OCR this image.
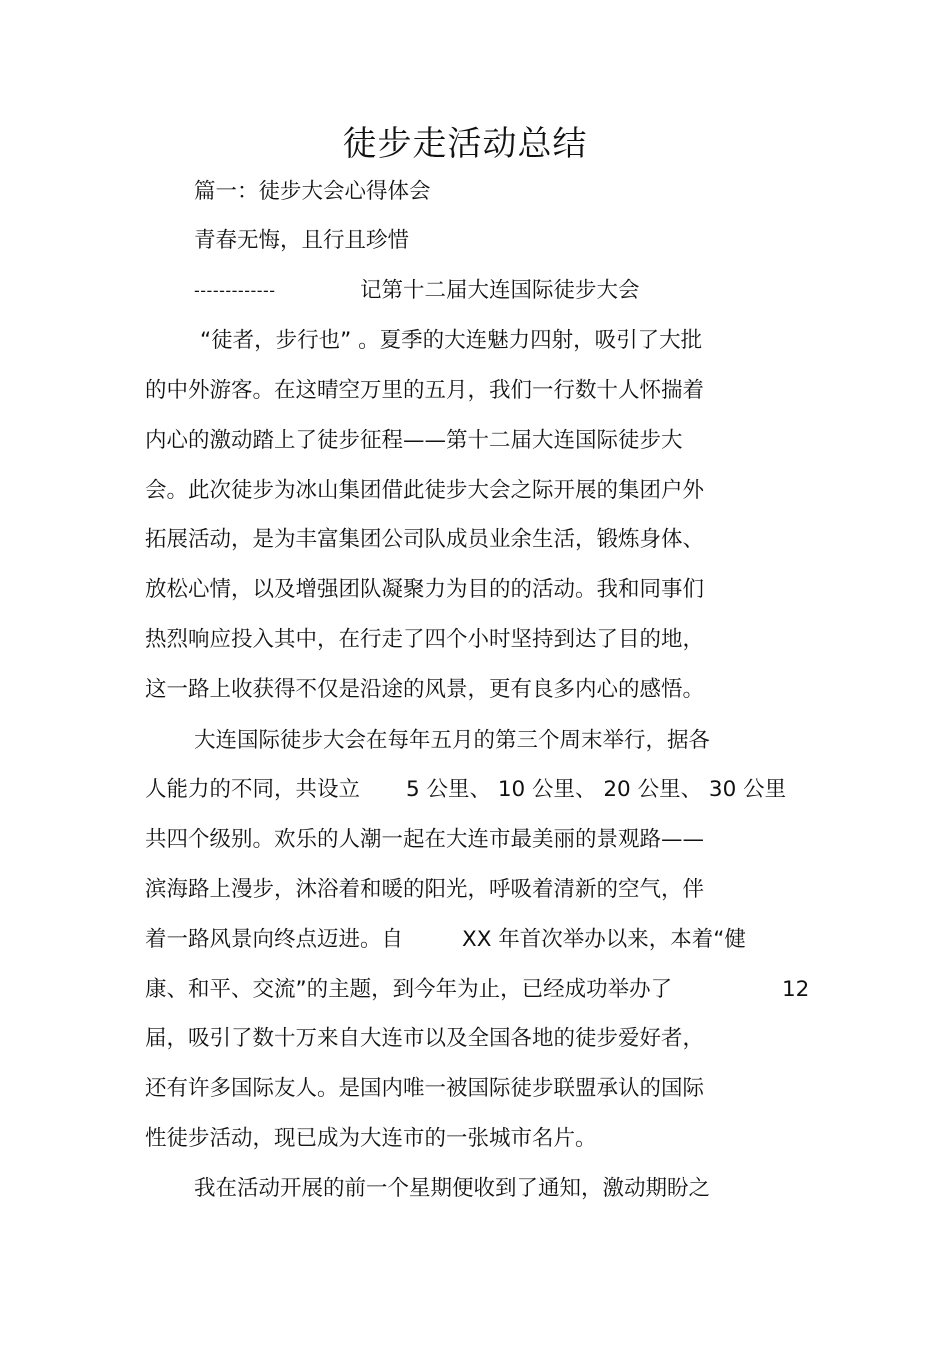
徒步走活动总结
篇一：徒步大会心得体会
青春无悔，且行且珍惜
-------------	记第十二届大连国际徒步大会
“徒者，步行也” 。夏季的大连魅力四射，吸引了大批
的中外游客。在这晴空万里的五月，我们一行数十人怀揣着
内心的激动踏上了徒步征程——第十二届大连国际徒步大
会。此次徒步为冰山集团借此徒步大会之际开展的集团户外
拓展活动，是为丰富集团公司队成员业余生活，锻炼身体、
放松心情，以及增强团队凝聚力为目的的活动。我和同事们
热烈响应投入其中，在行走了四个小时坚持到达了目的地，
这一路上收获得不仅是沿途的风景，更有良多内心的感悟。
大连国际徒步大会在每年五月的第三个周末举行，据各
人能力的不同，共设立 5 公里、 10 公里、 20 公里、 30 公里
共四个级别。欢乐的人潮一起在大连市最美丽的景观路——
滨海路上漫步，沐浴着和暖的阳光，呼吸着清新的空气，伴
着一路风景向终点迈进。自	XX 年首次举办以来，本着“健
康、和平、交流”的主题，到今年为止，已经成功举办了	12
届，吸引了数十万来自大连市以及全国各地的徒步爱好者，
还有许多国际友人。是国内唯一被国际徒步联盟承认的国际
性徒步活动，现已成为大连市的一张城市名片。
我在活动开展的前一个星期便收到了通知，激动期盼之
